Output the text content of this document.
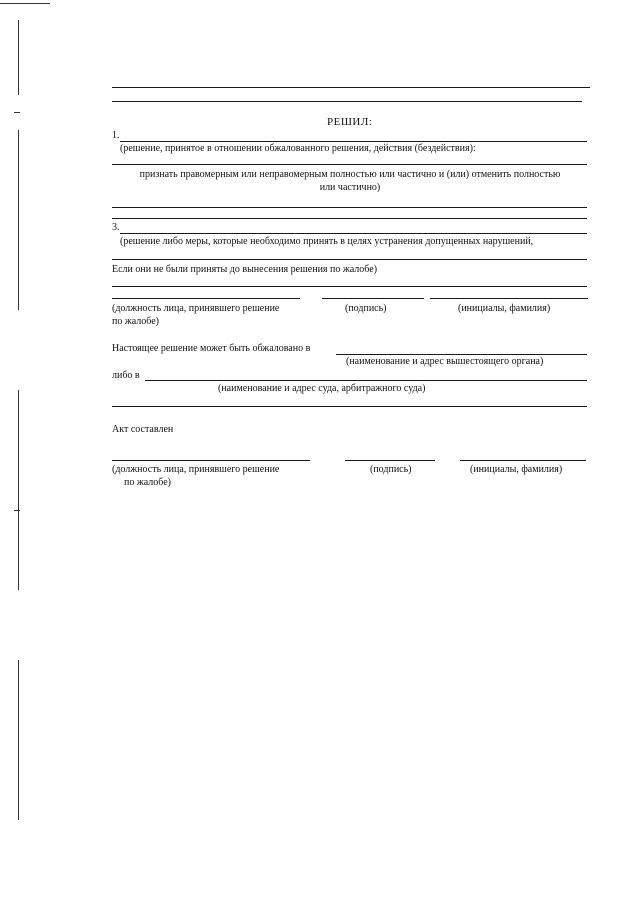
РЕШИЛ:
1.
(решение, принятое в отношении обжалованного решения, действия (бездействия):
признать правомерным или неправомерным полностью или частично и (или) отменить полностью
или частично)
3.
(решение либо меры, которые необходимо принять в целях устранения допущенных нарушений,
Если они не были приняты до вынесения решения по жалобе)
(должность лица, принявшего решение
по жалобе)
(подпись)	(инициалы, фамилия)
Настоящее решение может быть обжаловано в
(наименование и адрес вышестоящего органа)
либо в
(наименование и адрес суда, арбитражного суда)
Акт составлен
(должность лица, принявшего решение
по жалобе)
(подпись)	(инициалы, фамилия)
